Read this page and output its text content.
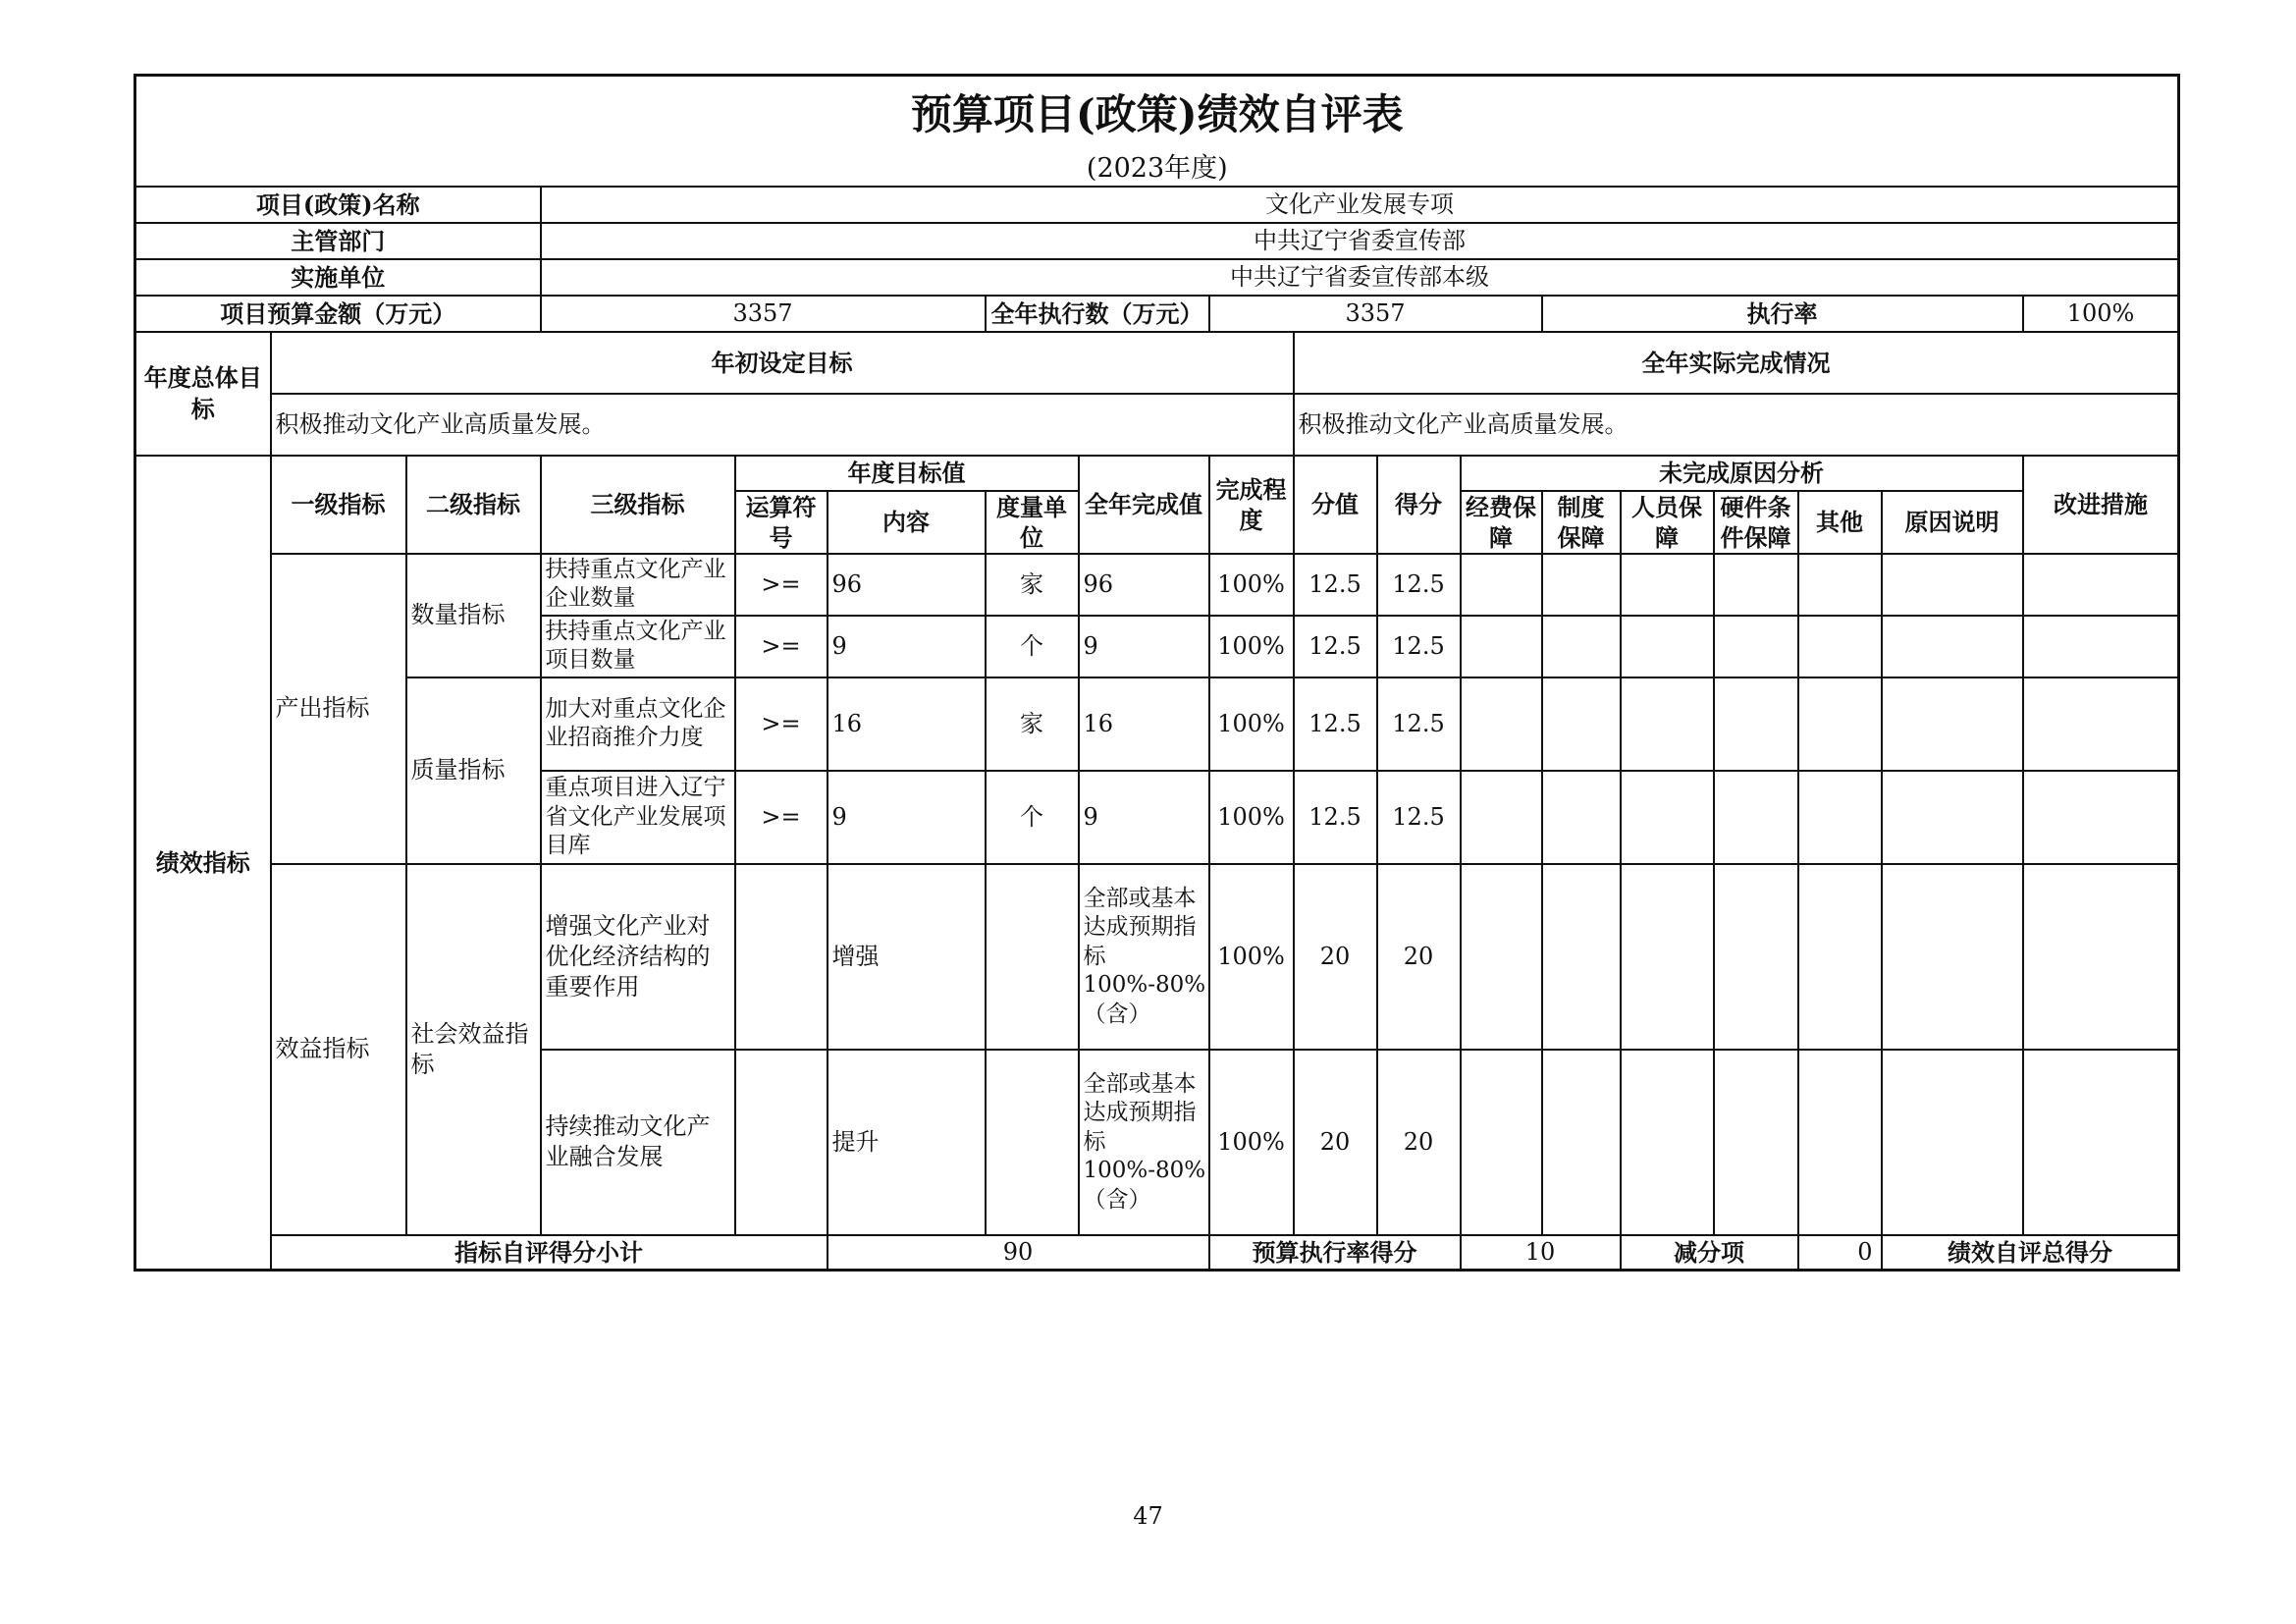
预算项目(政策)绩效自评表																		
(2023年度)																		
项目(政策)名称			文化产业发展专项															
主管部门			中共辽宁省委宣传部															
实施单位			中共辽宁省委宣传部本级															
项目预算金额（万元）			3357			全年执行数（万元）		3357				执行率					100%	
年度总体目标	年初设定目标								全年实际完成情况									
	积极推动文化产业高质量发展。								积极推动文化产业高质量发展。									
绩效指标	一级指标	二级指标	三级指标	年度目标值			全年完成值	完成程度	分值	得分	未完成原因分析						改进措施	
				运算符号	内容	度量单位					经费保障	制度保障	人员保障	硬件条件保障	其他	原因说明		
	产出指标	数量指标	扶持重点文化产业企业数量	>=	96	家	96	100%	12.5	12.5								
			扶持重点文化产业项目数量	>=	9	个	9	100%	12.5	12.5								
		质量指标	加大对重点文化企业招商推介力度	>=	16	家	16	100%	12.5	12.5								
			重点项目进入辽宁省文化产业发展项目库	>=	9	个	9	100%	12.5	12.5								
	效益指标	社会效益指标	增强文化产业对优化经济结构的重要作用		增强		全部或基本达成预期指标100%-80%（含）	100%	20	20								
			持续推动文化产业融合发展		提升		全部或基本达成预期指标100%-80%（含）	100%	20	20								
	指标自评得分小计				90			预算执行率得分			10		减分项		0	绩效自评总得分	
47
